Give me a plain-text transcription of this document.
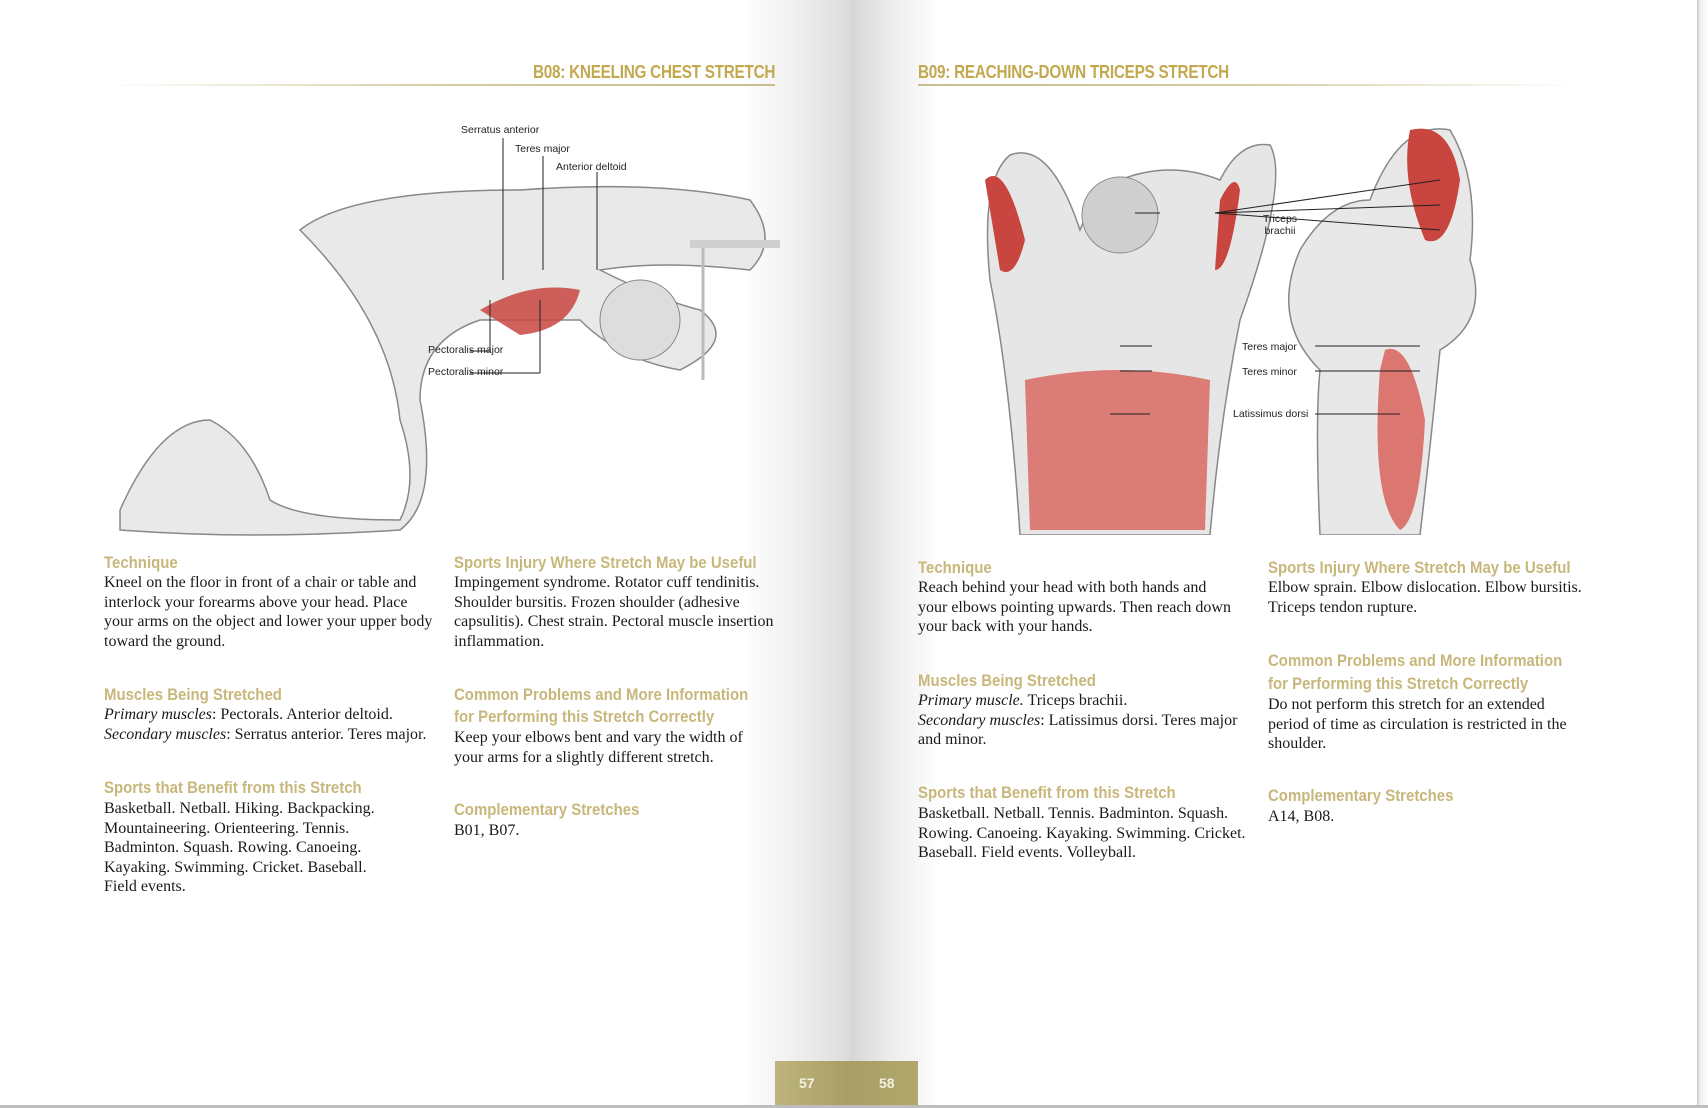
B08: KNEELING CHEST STRETCH
Serratus anterior
Teres major
Anterior deltoid
Pectoralis major
Pectoralis minor
Technique
Kneel on the floor in front of a chair or table and interlock your forearms above your head. Place your arms on the object and lower your upper body toward the ground.
Muscles Being Stretched
Primary muscles: Pectorals. Anterior deltoid.
Secondary muscles: Serratus anterior. Teres major.
Sports that Benefit from this Stretch
Basketball. Netball. Hiking. Backpacking. Mountaineering. Orienteering. Tennis. Badminton. Squash. Rowing. Canoeing. Kayaking. Swimming. Cricket. Baseball. Field events.
Sports Injury Where Stretch May be Useful
Impingement syndrome. Rotator cuff tendinitis. Shoulder bursitis. Frozen shoulder (adhesive capsulitis). Chest strain. Pectoral muscle insertion inflammation.
Common Problems and More Information
for Performing this Stretch Correctly
Keep your elbows bent and vary the width of your arms for a slightly different stretch.
Complementary Stretches
B01, B07.
B09: REACHING-DOWN TRICEPS STRETCH
Triceps
brachii
Teres major
Teres minor
Latissimus dorsi
Technique
Reach behind your head with both hands and your elbows pointing upwards. Then reach down your back with your hands.
Muscles Being Stretched
Primary muscle. Triceps brachii.
Secondary muscles: Latissimus dorsi. Teres major and minor.
Sports that Benefit from this Stretch
Basketball. Netball. Tennis. Badminton. Squash. Rowing. Canoeing. Kayaking. Swimming. Cricket. Baseball. Field events. Volleyball.
Sports Injury Where Stretch May be Useful
Elbow sprain. Elbow dislocation. Elbow bursitis. Triceps tendon rupture.
Common Problems and More Information
for Performing this Stretch Correctly
Do not perform this stretch for an extended period of time as circulation is restricted in the shoulder.
Complementary Stretches
A14, B08.
57	58
